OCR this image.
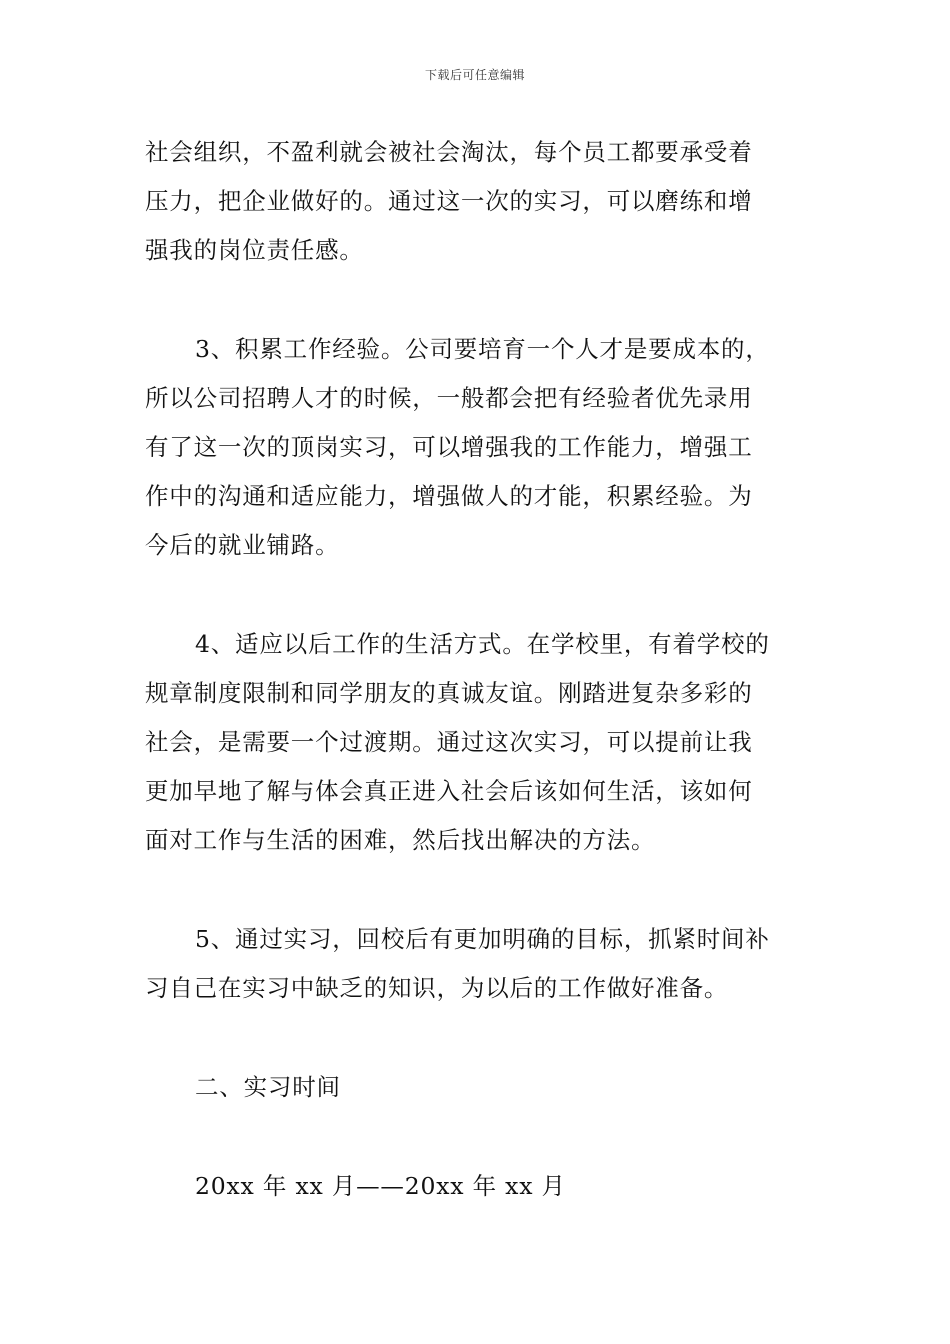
下载后可任意编辑
社会组织，不盈利就会被社会淘汰，每个员工都要承受着
压力，把企业做好的。通过这一次的实习，可以磨练和增
强我的岗位责任感。
3、积累工作经验。公司要培育一个人才是要成本的，
所以公司招聘人才的时候，一般都会把有经验者优先录用
有了这一次的顶岗实习，可以增强我的工作能力，增强工
作中的沟通和适应能力，增强做人的才能，积累经验。为
今后的就业铺路。
4、适应以后工作的生活方式。在学校里，有着学校的
规章制度限制和同学朋友的真诚友谊。刚踏进复杂多彩的
社会，是需要一个过渡期。通过这次实习，可以提前让我
更加早地了解与体会真正进入社会后该如何生活，该如何
面对工作与生活的困难，然后找出解决的方法。
5、通过实习，回校后有更加明确的目标，抓紧时间补
习自己在实习中缺乏的知识，为以后的工作做好准备。
二、实习时间
20xx 年 xx 月——20xx 年 xx 月
